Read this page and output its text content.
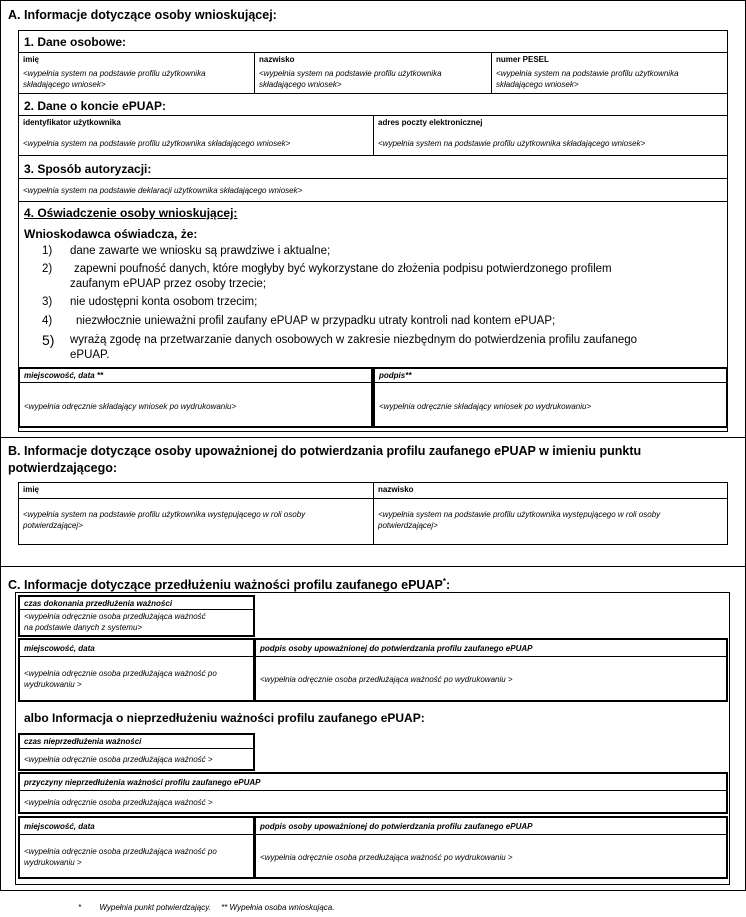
A. Informacje dotyczące osoby wnioskującej:
1. Dane osobowe:
imię
<wypełnia system na podstawie profilu użytkownika składającego wniosek>
nazwisko
<wypełnia system na podstawie profilu użytkownika składającego wniosek>
numer PESEL
<wypełnia system na podstawie profilu użytkownika składającego wniosek>
2. Dane o koncie ePUAP:
identyfikator użytkownika
<wypełnia system na podstawie profilu użytkownika składającego wniosek>
adres poczty elektronicznej
<wypełnia system na podstawie profilu użytkownika składającego wniosek>
3. Sposób autoryzacji:
<wypełnia system na podstawie deklaracji użytkownika składającego wniosek>
4. Oświadczenie osoby wnioskującej:
Wnioskodawca oświadcza, że:
1) dane zawarte we wniosku są prawdziwe i aktualne;
2) zapewni poufność danych, które mogłyby być wykorzystane do złożenia podpisu potwierdzonego profilem
zaufanym ePUAP przez osoby trzecie;
3) nie udostępni konta osobom trzecim;
4) niezwłocznie unieważni profil zaufany ePUAP w przypadku utraty kontroli nad kontem ePUAP;
5) wyrażą zgodę na przetwarzanie danych osobowych w zakresie niezbędnym do potwierdzenia profilu zaufanego
ePUAP.
miejscowość, data **
<wypełnia odręcznie składający wniosek po wydrukowaniu>
podpis**
<wypełnia odręcznie składający wniosek po wydrukowaniu>
B. Informacje dotyczące osoby upoważnionej do potwierdzania profilu zaufanego ePUAP w imieniu punktu
potwierdzającego:
imię
<wypełnia system na podstawie profilu użytkownika występującego w roli osoby
potwierdzającej>
nazwisko
<wypełnia system na podstawie profilu użytkownika występującego w roli osoby
potwierdzającej>
C. Informacje dotyczące przedłużeniu ważności profilu zaufanego ePUAP*:
czas dokonania przedłużenia ważności
<wypełnia odręcznie osoba przedłużająca ważność
na podstawie danych z systemu>
miejscowość, data
<wypełnia odręcznie osoba przedłużająca ważność po
wydrukowaniu >
podpis osoby upoważnionej do potwierdzania profilu zaufanego ePUAP
<wypełnia odręcznie osoba przedłużająca ważność po wydrukowaniu >
albo Informacja o nieprzedłużeniu ważności profilu zaufanego ePUAP:
czas nieprzedłużenia ważności
<wypełnia odręcznie osoba przedłużająca ważność >
przyczyny nieprzedłużenia ważności profilu zaufanego ePUAP
<wypełnia odręcznie osoba przedłużająca ważność >
miejscowość, data
<wypełnia odręcznie osoba przedłużająca ważność po
wydrukowaniu >
podpis osoby upoważnionej do potwierdzania profilu zaufanego ePUAP
<wypełnia odręcznie osoba przedłużająca ważność po wydrukowaniu >
* Wypełnia punkt potwierdzający. ** Wypełnia osoba wnioskująca.
